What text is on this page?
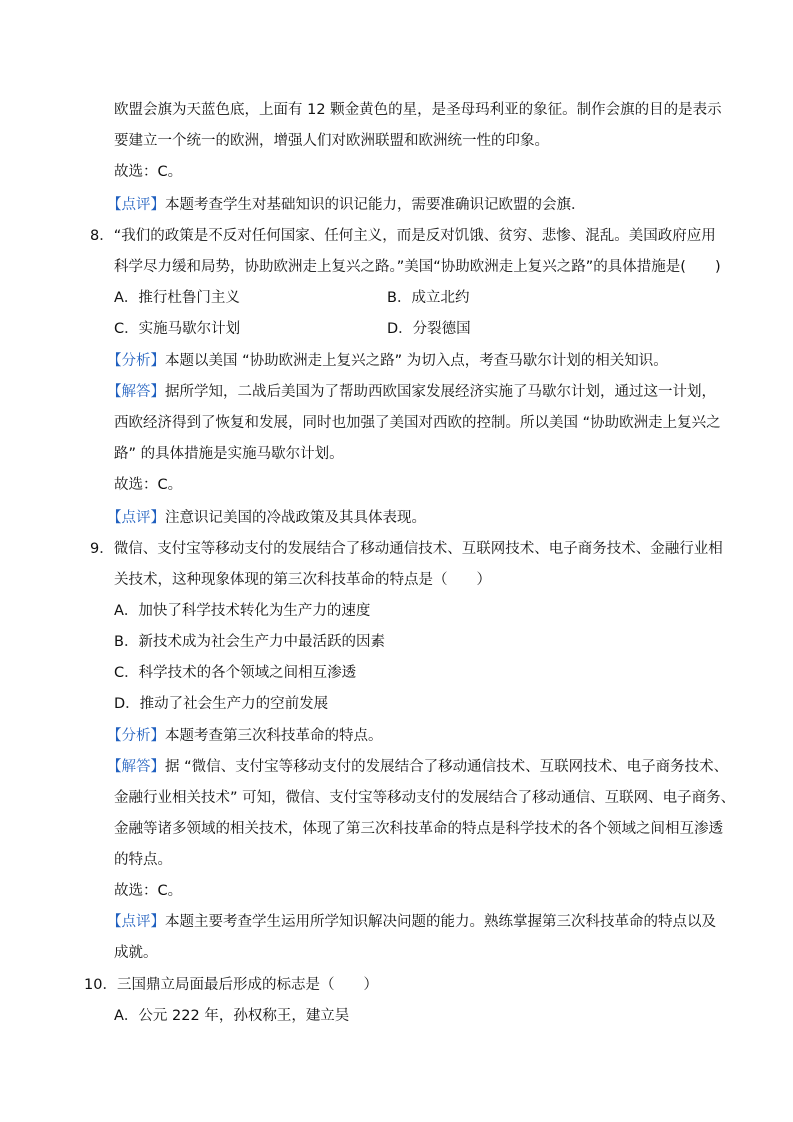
欧盟会旗为天蓝色底，上面有 12 颗金黄色的星，是圣母玛利亚的象征。制作会旗的目的是表示
要建立一个统一的欧洲，增强人们对欧洲联盟和欧洲统一性的印象。
故选：C。
【点评】本题考查学生对基础知识的识记能力，需要准确识记欧盟的会旗．
8．“我们的政策是不反对任何国家、任何主义，而是反对饥饿、贫穷、悲惨、混乱。美国政府应用
科学尽力缓和局势，协助欧洲走上复兴之路。”美国“协助欧洲走上复兴之路”的具体措施是(　　)
A．推行杜鲁门主义	B．成立北约
C．实施马歇尔计划	D．分裂德国
【分析】本题以美国 “协助欧洲走上复兴之路” 为切入点，考查马歇尔计划的相关知识。
【解答】据所学知，二战后美国为了帮助西欧国家发展经济实施了马歇尔计划，通过这一计划，
西欧经济得到了恢复和发展，同时也加强了美国对西欧的控制。所以美国 “协助欧洲走上复兴之
路” 的具体措施是实施马歇尔计划。
故选：C。
【点评】注意识记美国的冷战政策及其具体表现。
9．微信、支付宝等移动支付的发展结合了移动通信技术、互联网技术、电子商务技术、金融行业相
关技术，这种现象体现的第三次科技革命的特点是（　　）
A．加快了科学技术转化为生产力的速度
B．新技术成为社会生产力中最活跃的因素
C．科学技术的各个领域之间相互渗透
D．推动了社会生产力的空前发展
【分析】本题考查第三次科技革命的特点。
【解答】据 “微信、支付宝等移动支付的发展结合了移动通信技术、互联网技术、电子商务技术、
金融行业相关技术” 可知，微信、支付宝等移动支付的发展结合了移动通信、互联网、电子商务、
金融等诸多领域的相关技术，体现了第三次科技革命的特点是科学技术的各个领域之间相互渗透
的特点。
故选：C。
【点评】本题主要考查学生运用所学知识解决问题的能力。熟练掌握第三次科技革命的特点以及
成就。
10．三国鼎立局面最后形成的标志是（　　）
A．公元 222 年，孙权称王，建立吴
